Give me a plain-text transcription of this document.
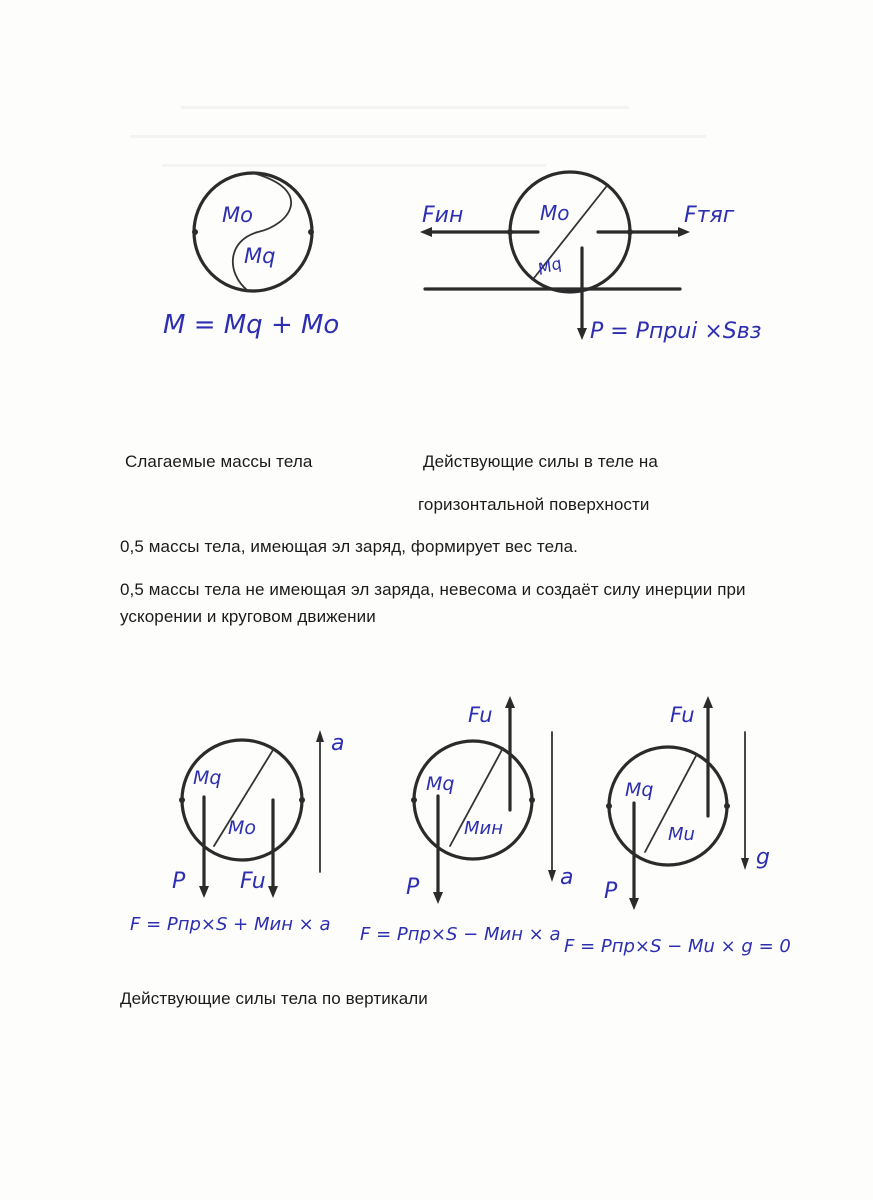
Mo
Mq
M = Mq + Mo
Fин	Mo
Mq
Fтяг
P = Pпрui ×Sвз
Слагаемые массы тела	Действующие силы в теле на
горизонтальной поверхности
0,5 массы тела, имеющая эл заряд, формирует вес тела.
0,5 массы тела не имеющая эл заряда, невесома и создаёт силу инерции при
ускорении и круговом движении
a
Mq
Mo
P Fu
F = Pпр×S + Mин × a
a
Fu
Mq
Mин
P
F = Pпр×S − Mин × a
g
Fu
Mq
Mu
P
F = Pпр×S − Mu × g = 0
Действующие силы тела по вертикали
